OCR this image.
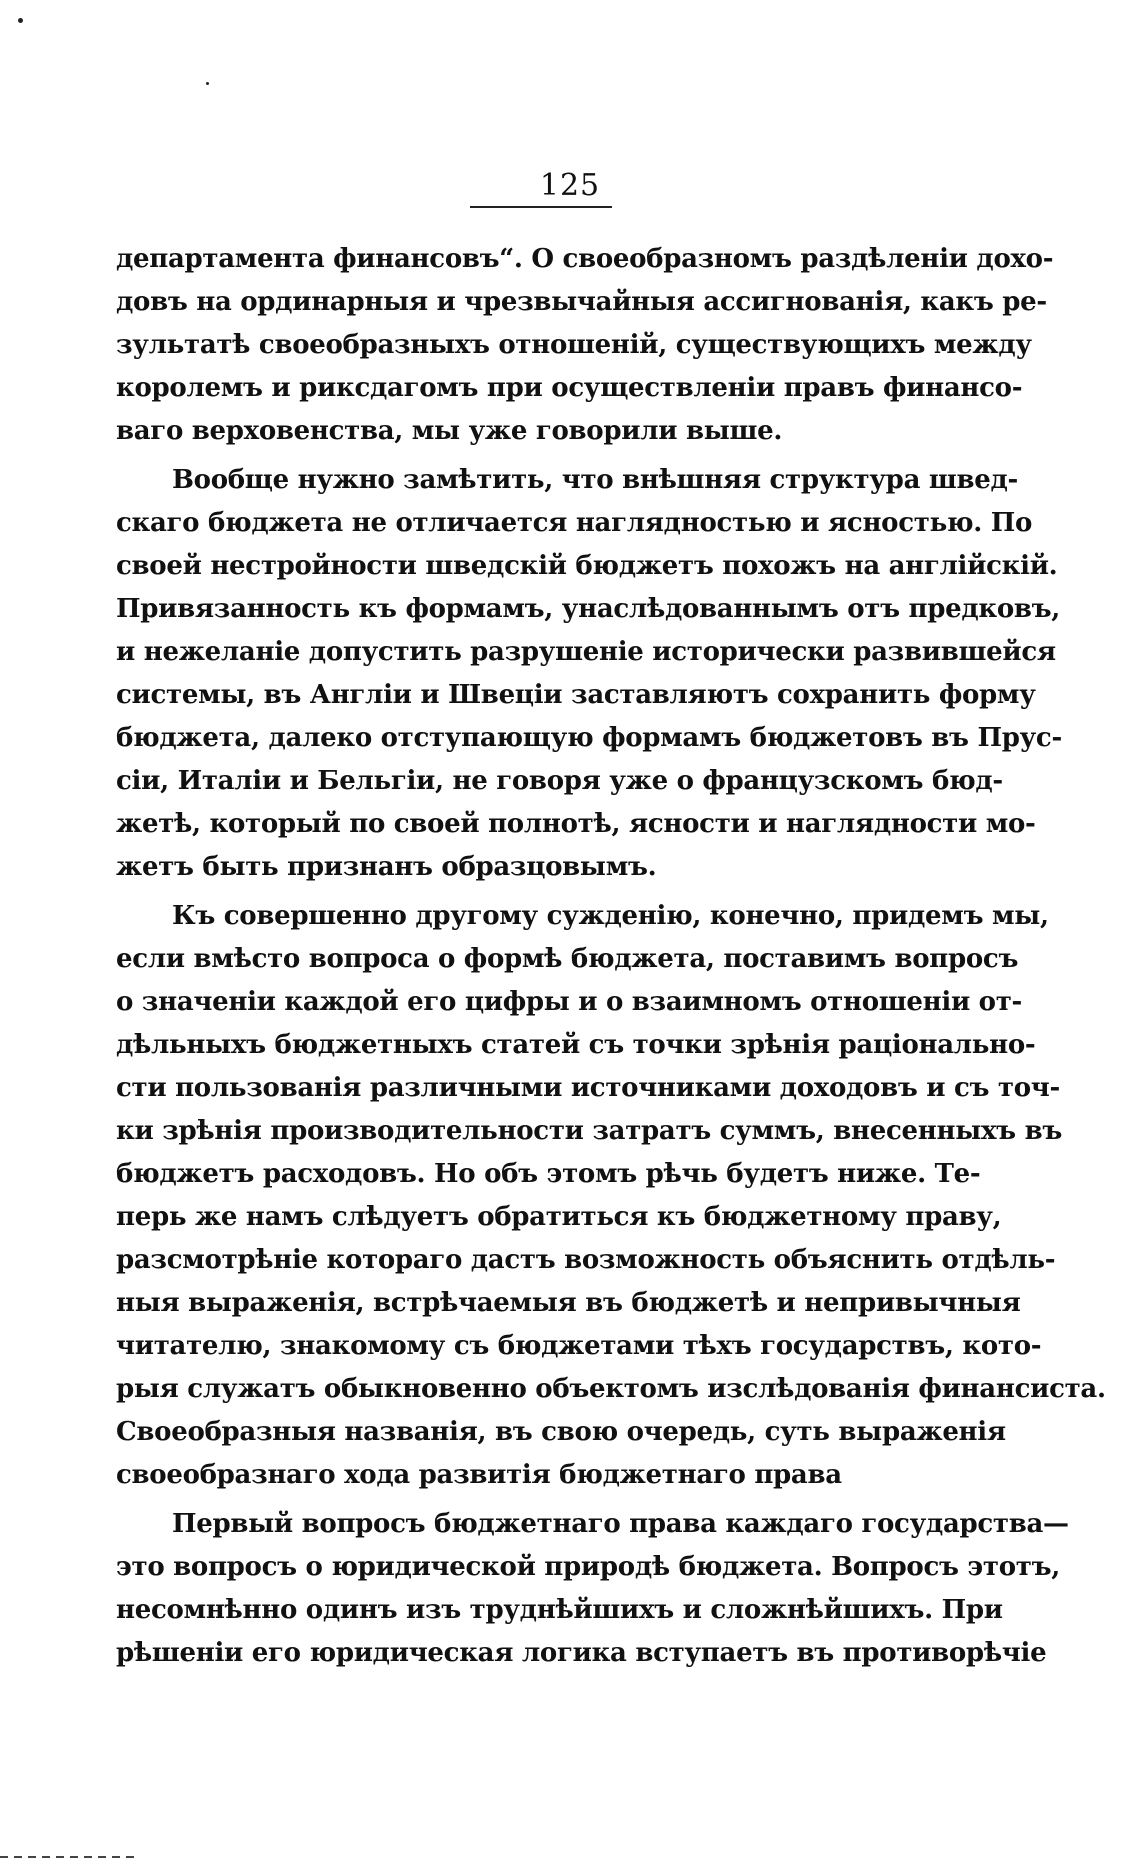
125
департамента финансовъ“. О своеобразномъ раздѣленіи дохо-
довъ на ординарныя и чрезвычайныя ассигнованія, какъ ре-
зультатѣ своеобразныхъ отношеній, существующихъ между
королемъ и риксдагомъ при осуществленіи правъ финансо-
ваго верховенства, мы уже говорили выше.
Вообще нужно замѣтить, что внѣшняя структура швед-
скаго бюджета не отличается наглядностью и ясностью. По
своей нестройности шведскій бюджетъ похожъ на англійскій.
Привязанность къ формамъ, унаслѣдованнымъ отъ предковъ,
и нежеланіе допустить разрушеніе исторически развившейся
системы, въ Англіи и Швеціи заставляютъ сохранить форму
бюджета, далеко отступающую формамъ бюджетовъ въ Прус-
сіи, Италіи и Бельгіи, не говоря уже о французскомъ бюд-
жетѣ, который по своей полнотѣ, ясности и наглядности мо-
жетъ быть признанъ образцовымъ.
Къ совершенно другому сужденію, конечно, придемъ мы,
если вмѣсто вопроса о формѣ бюджета, поставимъ вопросъ
о значеніи каждой его цифры и о взаимномъ отношеніи от-
дѣльныхъ бюджетныхъ статей съ точки зрѣнія раціонально-
сти пользованія различными источниками доходовъ и съ точ-
ки зрѣнія производительности затратъ суммъ, внесенныхъ въ
бюджетъ расходовъ. Но объ этомъ рѣчь будетъ ниже. Те-
перь же намъ слѣдуетъ обратиться къ бюджетному праву,
разсмотрѣніе котораго дастъ возможность объяснить отдѣль-
ныя выраженія, встрѣчаемыя въ бюджетѣ и непривычныя
читателю, знакомому съ бюджетами тѣхъ государствъ, кото-
рыя служатъ обыкновенно объектомъ изслѣдованія финансиста.
Своеобразныя названія, въ свою очередь, суть выраженія
своеобразнаго хода развитія бюджетнаго права
Первый вопросъ бюджетнаго права каждаго государства—
это вопросъ о юридической природѣ бюджета. Вопросъ этотъ,
несомнѣнно одинъ изъ труднѣйшихъ и сложнѣйшихъ. При
рѣшеніи его юридическая логика вступаетъ въ противорѣчіе
